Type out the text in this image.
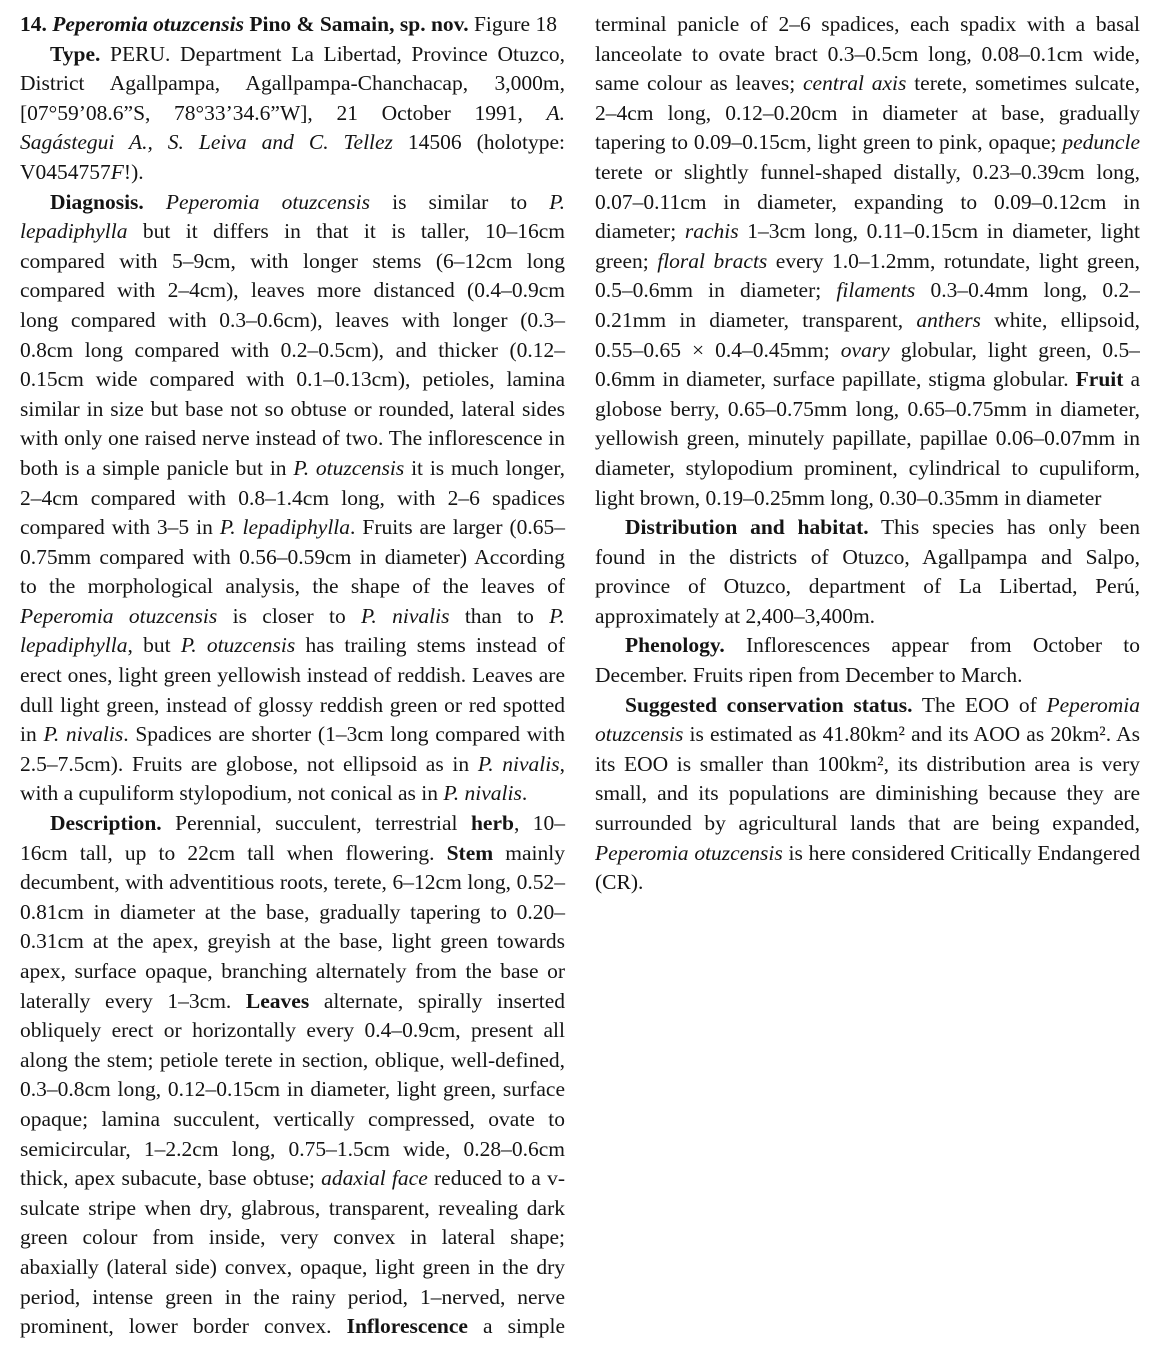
14. Peperomia otuzcensis Pino & Samain, sp. nov. Figure 18

Type. PERU. Department La Libertad, Province Otuzco, District Agallpampa, Agallpampa-Chanchacap, 3,000m, [07°59’08.6”S, 78°33’34.6”W], 21 October 1991, A. Sagástegui A., S. Leiva and C. Tellez 14506 (holotype: V0454757F!).

Diagnosis. Peperomia otuzcensis is similar to P. lepadiphylla but it differs in that it is taller, 10–16cm compared with 5–9cm, with longer stems (6–12cm long compared with 2–4cm), leaves more distanced (0.4–0.9cm long compared with 0.3–0.6cm), leaves with longer (0.3–0.8cm long compared with 0.2–0.5cm), and thicker (0.12–0.15cm wide compared with 0.1–0.13cm), petioles, lamina similar in size but base not so obtuse or rounded, lateral sides with only one raised nerve instead of two. The inflorescence in both is a simple panicle but in P. otuzcensis it is much longer, 2–4cm compared with 0.8–1.4cm long, with 2–6 spadices compared with 3–5 in P. lepadiphylla. Fruits are larger (0.65–0.75mm compared with 0.56–0.59cm in diameter) According to the morphological analysis, the shape of the leaves of Peperomia otuzcensis is closer to P. nivalis than to P. lepadiphylla, but P. otuzcensis has trailing stems instead of erect ones, light green yellowish instead of reddish. Leaves are dull light green, instead of glossy reddish green or red spotted in P. nivalis. Spadices are shorter (1–3cm long compared with 2.5–7.5cm). Fruits are globose, not ellipsoid as in P. nivalis, with a cupuliform stylopodium, not conical as in P. nivalis.

Description. Perennial, succulent, terrestrial herb, 10–16cm tall, up to 22cm tall when flowering. Stem mainly decumbent, with adventitious roots, terete, 6–12cm long, 0.52–0.81cm in diameter at the base, gradually tapering to 0.20–0.31cm at the apex, greyish at the base, light green towards apex, surface opaque, branching alternately from the base or laterally every 1–3cm. Leaves alternate, spirally inserted obliquely erect or horizontally every 0.4–0.9cm, present all along the stem; petiole terete in section, oblique, well-defined, 0.3–0.8cm long, 0.12–0.15cm in diameter, light green, surface opaque; lamina succulent, vertically compressed, ovate to semicircular, 1–2.2cm long, 0.75–1.5cm wide, 0.28–0.6cm thick, apex subacute, base obtuse; adaxial face reduced to a v-sulcate stripe when dry, glabrous, transparent, revealing dark green colour from inside, very convex in lateral shape; abaxially (lateral side) convex, opaque, light green in the dry period, intense green in the rainy period, 1–nerved, nerve prominent, lower border convex. Inflorescence a simple terminal panicle of 2–6 spadices, each spadix with a basal lanceolate to ovate bract 0.3–0.5cm long, 0.08–0.1cm wide, same colour as leaves; central axis terete, sometimes sulcate, 2–4cm long, 0.12–0.20cm in diameter at base, gradually tapering to 0.09–0.15cm, light green to pink, opaque; peduncle terete or slightly funnel-shaped distally, 0.23–0.39cm long, 0.07–0.11cm in diameter, expanding to 0.09–0.12cm in diameter; rachis 1–3cm long, 0.11–0.15cm in diameter, light green; floral bracts every 1.0–1.2mm, rotundate, light green, 0.5–0.6mm in diameter; filaments 0.3–0.4mm long, 0.2–0.21mm in diameter, transparent, anthers white, ellipsoid, 0.55–0.65 × 0.4–0.45mm; ovary globular, light green, 0.5–0.6mm in diameter, surface papillate, stigma globular. Fruit a globose berry, 0.65–0.75mm long, 0.65–0.75mm in diameter, yellowish green, minutely papillate, papillae 0.06–0.07mm in diameter, stylopodium prominent, cylindrical to cupuliform, light brown, 0.19–0.25mm long, 0.30–0.35mm in diameter

Distribution and habitat. This species has only been found in the districts of Otuzco, Agallpampa and Salpo, province of Otuzco, department of La Libertad, Perú, approximately at 2,400–3,400m.

Phenology. Inflorescences appear from October to December. Fruits ripen from December to March.

Suggested conservation status. The EOO of Peperomia otuzcensis is estimated as 41.80km² and its AOO as 20km². As its EOO is smaller than 100km², its distribution area is very small, and its populations are diminishing because they are surrounded by agricultural lands that are being expanded, Peperomia otuzcensis is here considered Critically Endangered (CR).
